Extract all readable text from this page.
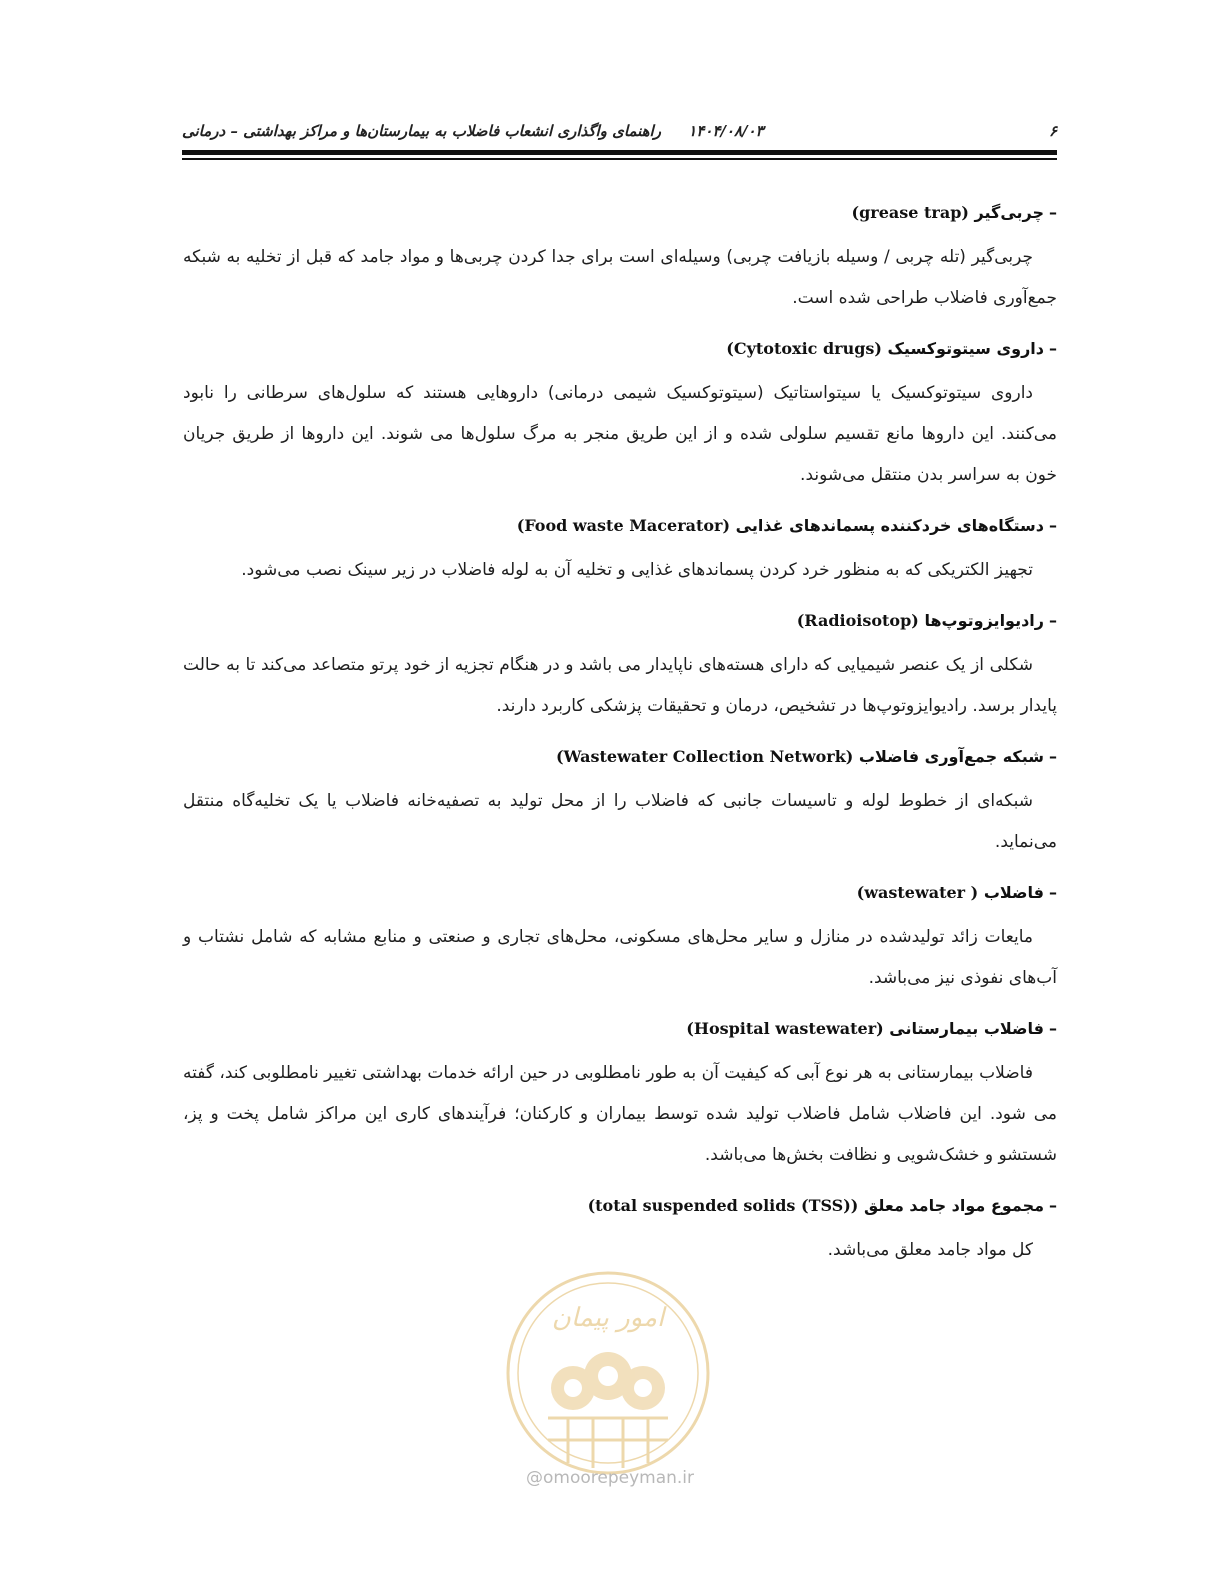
۶
۱۴۰۴/۰۸/۰۳ راهنمای واگذاری انشعاب فاضلاب به بیمارستان‌ها و مراکز بهداشتی – درمانی
–چربی‌گیر (grease trap)

چربی‌گیر (تله چربی / وسیله بازیافت چربی) وسیله‌ای است برای جدا کردن چربی‌ها و مواد جامد که قبل از تخلیه به شبکه جمع‌آوری فاضلاب طراحی شده است.

–داروی سیتوتوکسیک (Cytotoxic drugs)

داروی سیتوتوکسیک یا سیتواستاتیک (سیتوتوکسیک شیمی درمانی) داروهایی هستند که سلول‌های سرطانی را نابود می‌کنند. این داروها مانع تقسیم سلولی شده و از این طریق منجر به مرگ سلول‌ها می شوند. این داروها از طریق جریان خون به سراسر بدن منتقل می‌شوند.

–دستگاه‌های خردکننده پسماندهای غذایی (Food waste Macerator)

تجهیز الکتریکی که به منظور خرد کردن پسماندهای غذایی و تخلیه آن به لوله فاضلاب در زیر سینک نصب می‌شود.

–رادیوایزوتوپ‌ها (Radioisotop)

شکلی از یک عنصر شیمیایی که دارای هسته‌های ناپایدار می باشد و در هنگام تجزیه از خود پرتو متصاعد می‌کند تا به حالت پایدار برسد. رادیوایزوتوپ‌ها در تشخیص، درمان و تحقیقات پزشکی کاربرد دارند.

–شبکه جمع‌آوری فاضلاب (Wastewater Collection Network)

شبکه‌ای از خطوط لوله و تاسیسات جانبی که فاضلاب را از محل تولید به تصفیه‌خانه فاضلاب یا یک تخلیه‌گاه منتقل می‌نماید.

–فاضلاب (wastewater )

مایعات زائد تولیدشده در منازل و سایر محل‌های مسکونی، محل‌های تجاری و صنعتی و منابع مشابه که شامل نشتاب و آب‌های نفوذی نیز می‌باشد.

–فاضلاب بیمارستانی (Hospital wastewater)

فاضلاب بیمارستانی به هر نوع آبی که کیفیت آن به طور نامطلوبی در حین ارائه خدمات بهداشتی تغییر نامطلوبی کند، گفته می شود. این فاضلاب شامل فاضلاب تولید شده توسط بیماران و کارکنان؛ فرآیندهای کاری این مراکز شامل پخت و پز، شستشو و خشک‌شویی و نظافت بخش‌ها می‌باشد.

–مجموع مواد جامد معلق (total suspended solids (TSS))

کل مواد جامد معلق می‌باشد.

امور پیمان
@omoorepeyman.ir
